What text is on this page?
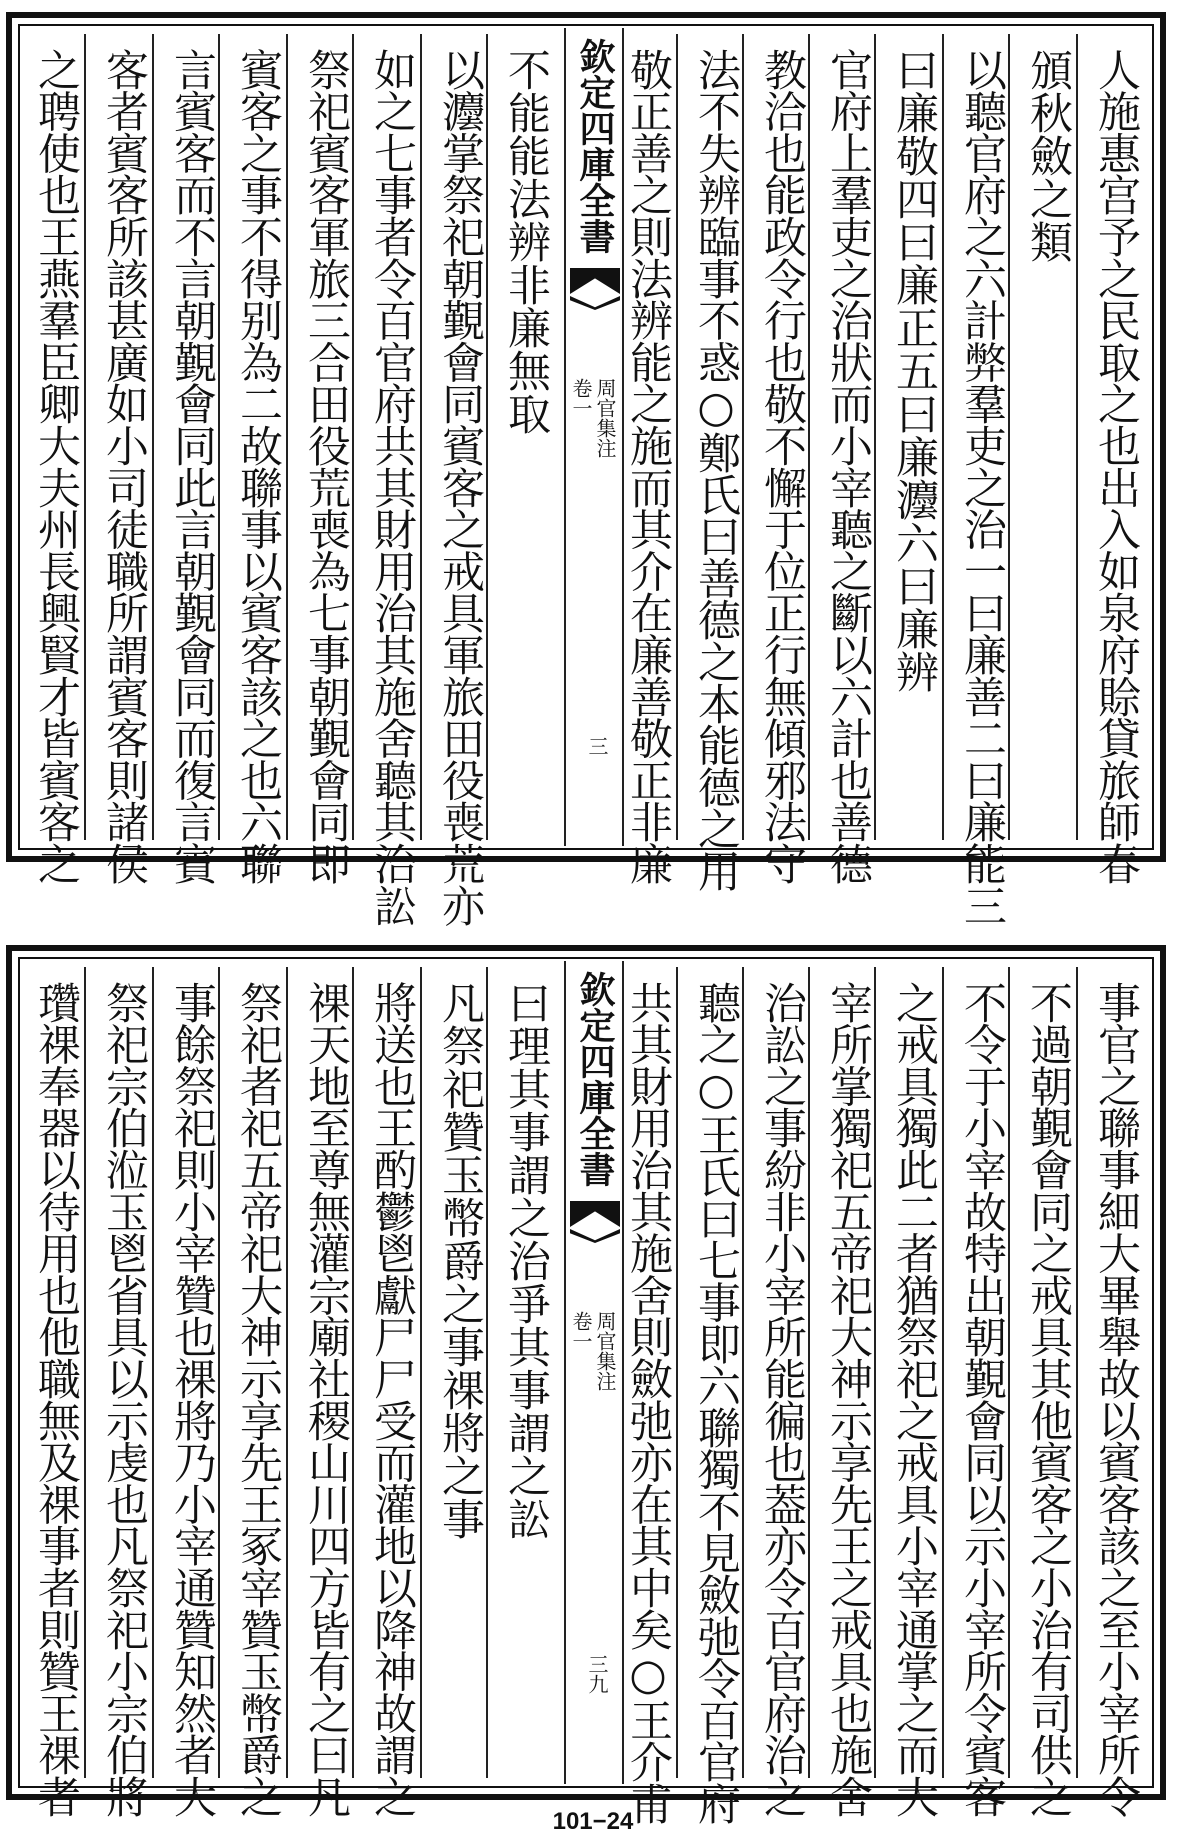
欽定四庫全書
周官集注
卷一
三	人施惠宫予之民取之也出入如泉府賒貸旅師春
頒秋斂之類
以聽官府之六計弊羣吏之治一曰廉善二曰廉能三
曰廉敬四曰廉正五曰廉灋六曰廉辨
官府上羣吏之治狀而小宰聽之斷以六計也善德
教洽也能政令行也敬不懈于位正行無傾邪法守
法不失辨臨事不惑○鄭氏曰善德之本能德之用
敬正善之則法辨能之施而其介在廉善敬正非廉
不能能法辨非廉無取
以灋掌祭祀朝覲會同賓客之戒具軍旅田役喪荒亦
如之七事者令百官府共其財用治其施舍聽其治訟
祭祀賓客軍旅三合田役荒喪為七事朝覲會同即
賓客之事不得别為二故聯事以賓客該之也六聯
言賓客而不言朝覲會同此言朝覲會同而復言賓
客者賓客所該甚廣如小司徒職所謂賓客則諸侯
之聘使也王燕羣臣卿大夫州長興賢才皆賓客之
欽定四庫全書
周官集注
卷一
三九	事官之聯事細大畢舉故以賓客該之至小宰所令
不過朝覲會同之戒具其他賓客之小治有司供之
不令于小宰故特出朝覲會同以示小宰所令賓客
之戒具獨此二者猶祭祀之戒具小宰通掌之而大
宰所掌獨祀五帝祀大神示享先王之戒具也施舍
治訟之事紛非小宰所能徧也葢亦令百官府治之
聽之○王氏曰七事即六聯獨不見斂弛令百官府
共其財用治其施舍則斂弛亦在其中矣○王介甫
曰理其事謂之治爭其事謂之訟
凡祭祀贊玉幣爵之事祼將之事
將送也王酌鬱鬯獻尸尸受而灌地以降神故謂之
祼天地至尊無灌宗廟社稷山川四方皆有之曰凡
祭祀者祀五帝祀大神示享先王冢宰贊玉幣爵之
事餘祭祀則小宰贊也祼將乃小宰通贊知然者大
祭祀宗伯涖玉鬯省具以示虔也凡祭祀小宗伯將
瓚祼奉器以待用也他職無及祼事者則贊王祼者
101−24
